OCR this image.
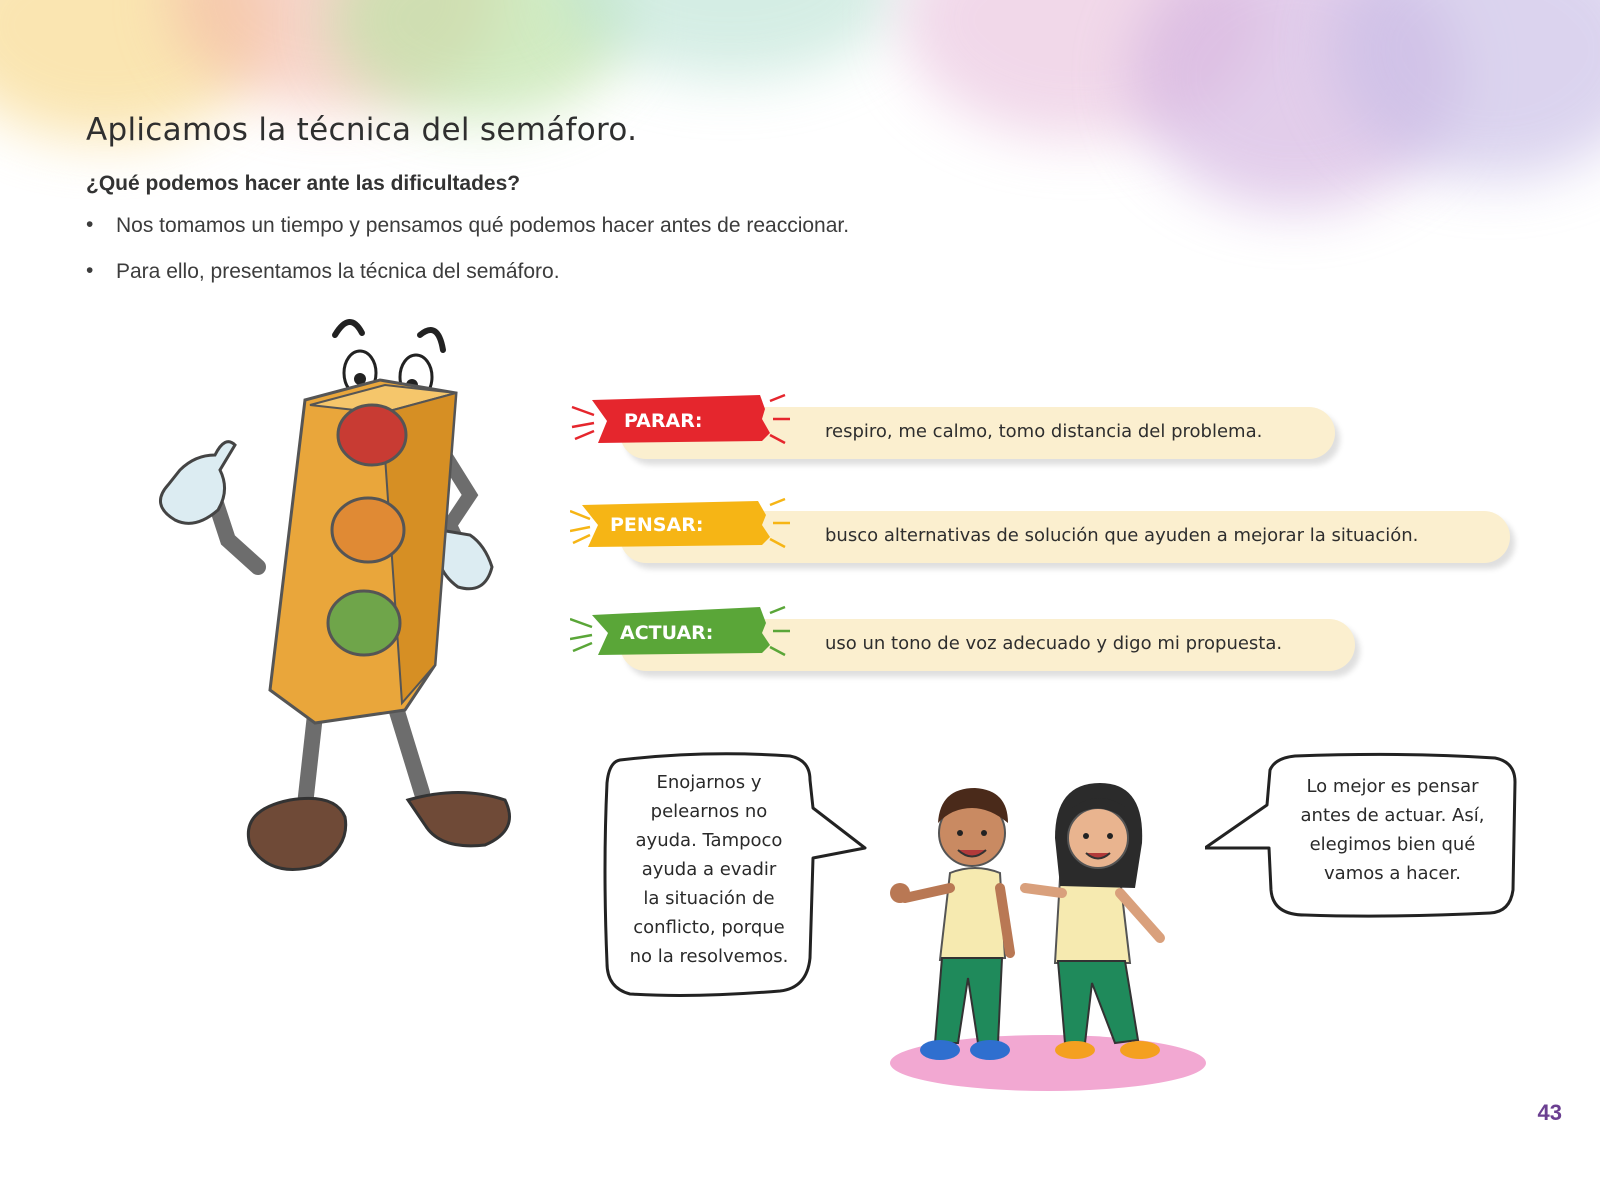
Aplicamos la técnica del semáforo.
¿Qué podemos hacer ante las dificultades?
• Nos tomamos un tiempo y pensamos qué podemos hacer antes de reaccionar.
• Para ello, presentamos la técnica del semáforo.
PARAR:	respiro, me calmo, tomo distancia del problema.
PENSAR:	busco alternativas de solución que ayuden a mejorar la situación.
ACTUAR:	uso un tono de voz adecuado y digo mi propuesta.
Enojarnos y
pelearnos no
ayuda. Tampoco
ayuda a evadir
la situación de
conflicto, porque
no la resolvemos.
Lo mejor es pensar
antes de actuar. Así,
elegimos bien qué
vamos a hacer.
43
